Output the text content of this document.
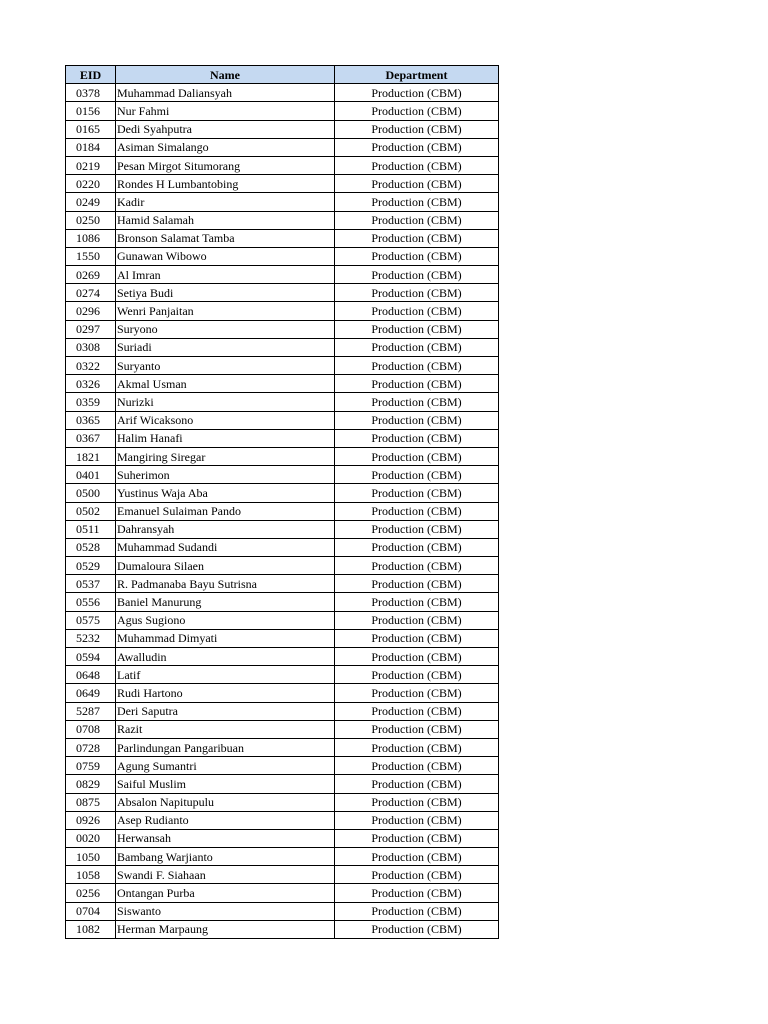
EID	Name	Department
0378	Muhammad Daliansyah	Production (CBM)
0156	Nur Fahmi	Production (CBM)
0165	Dedi Syahputra	Production (CBM)
0184	Asiman Simalango	Production (CBM)
0219	Pesan Mirgot Situmorang	Production (CBM)
0220	Rondes H Lumbantobing	Production (CBM)
0249	Kadir	Production (CBM)
0250	Hamid Salamah	Production (CBM)
1086	Bronson Salamat Tamba	Production (CBM)
1550	Gunawan Wibowo	Production (CBM)
0269	Al Imran	Production (CBM)
0274	Setiya Budi	Production (CBM)
0296	Wenri Panjaitan	Production (CBM)
0297	Suryono	Production (CBM)
0308	Suriadi	Production (CBM)
0322	Suryanto	Production (CBM)
0326	Akmal Usman	Production (CBM)
0359	Nurizki	Production (CBM)
0365	Arif Wicaksono	Production (CBM)
0367	Halim Hanafi	Production (CBM)
1821	Mangiring Siregar	Production (CBM)
0401	Suherimon	Production (CBM)
0500	Yustinus Waja Aba	Production (CBM)
0502	Emanuel Sulaiman Pando	Production (CBM)
0511	Dahransyah	Production (CBM)
0528	Muhammad Sudandi	Production (CBM)
0529	Dumaloura Silaen	Production (CBM)
0537	R. Padmanaba Bayu Sutrisna	Production (CBM)
0556	Baniel Manurung	Production (CBM)
0575	Agus Sugiono	Production (CBM)
5232	Muhammad Dimyati	Production (CBM)
0594	Awalludin	Production (CBM)
0648	Latif	Production (CBM)
0649	Rudi Hartono	Production (CBM)
5287	Deri Saputra	Production (CBM)
0708	Razit	Production (CBM)
0728	Parlindungan Pangaribuan	Production (CBM)
0759	Agung Sumantri	Production (CBM)
0829	Saiful Muslim	Production (CBM)
0875	Absalon Napitupulu	Production (CBM)
0926	Asep Rudianto	Production (CBM)
0020	Herwansah	Production (CBM)
1050	Bambang Warjianto	Production (CBM)
1058	Swandi F. Siahaan	Production (CBM)
0256	Ontangan Purba	Production (CBM)
0704	Siswanto	Production (CBM)
1082	Herman Marpaung	Production (CBM)
